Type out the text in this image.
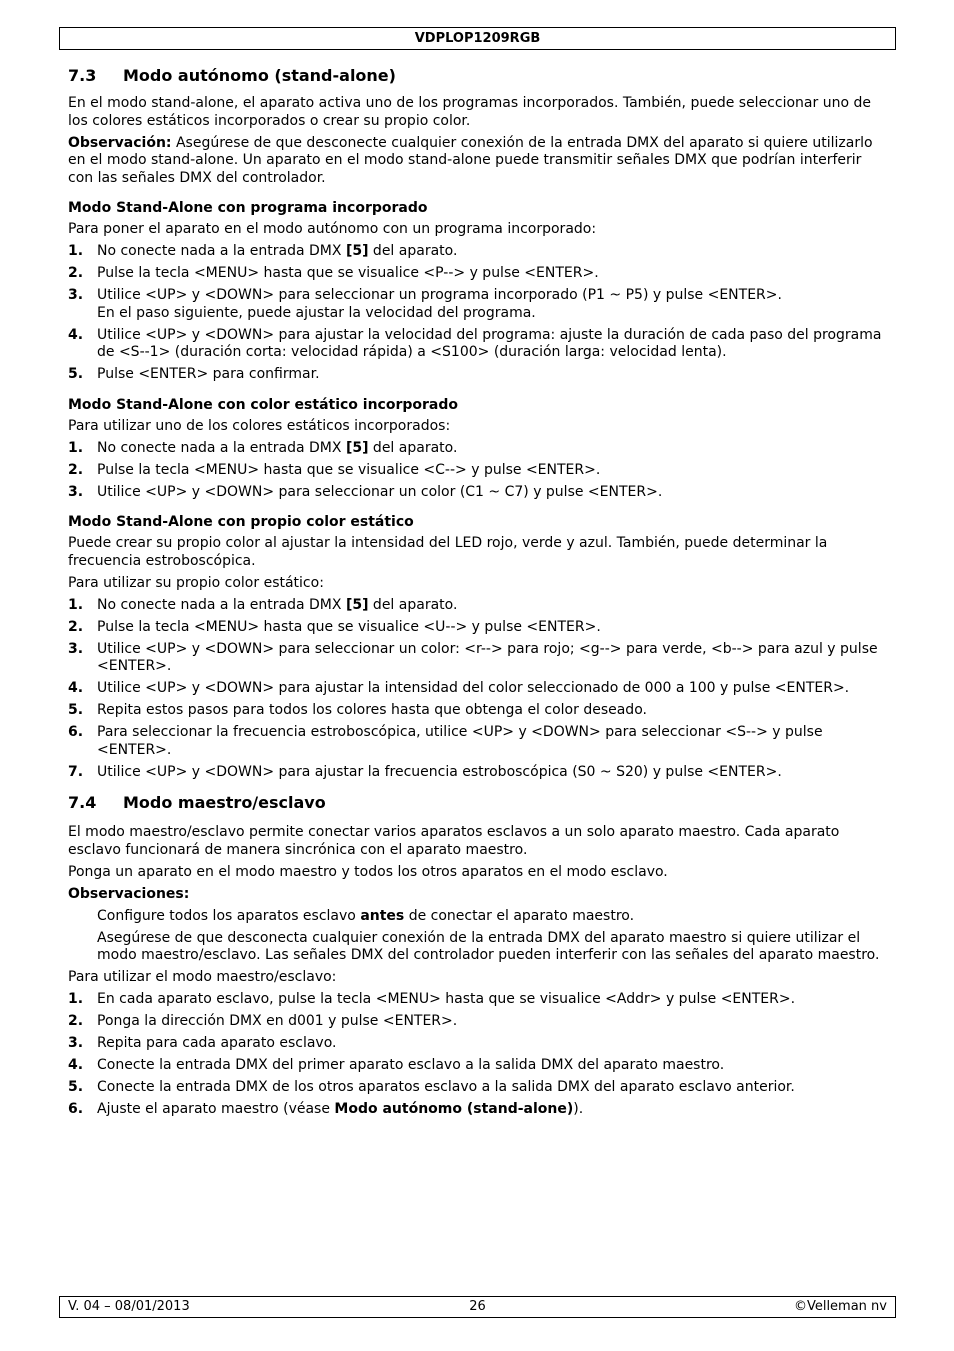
VDPLOP1209RGB
7.3 Modo autónomo (stand-alone)
En el modo stand-alone, el aparato activa uno de los programas incorporados. También, puede seleccionar uno de los colores estáticos incorporados o crear su propio color.
Observación: Asegúrese de que desconecte cualquier conexión de la entrada DMX del aparato si quiere utilizarlo en el modo stand-alone. Un aparato en el modo stand-alone puede transmitir señales DMX que podrían interferir con las señales DMX del controlador.
Modo Stand-Alone con programa incorporado
Para poner el aparato en el modo autónomo con un programa incorporado:
1. No conecte nada a la entrada DMX [5] del aparato.
2. Pulse la tecla <MENU> hasta que se visualice <P--> y pulse <ENTER>.
3. Utilice <UP> y <DOWN> para seleccionar un programa incorporado (P1 ~ P5) y pulse <ENTER>.
En el paso siguiente, puede ajustar la velocidad del programa.
4. Utilice <UP> y <DOWN> para ajustar la velocidad del programa: ajuste la duración de cada paso del programa de <S--1> (duración corta: velocidad rápida) a <S100> (duración larga: velocidad lenta).
5. Pulse <ENTER> para confirmar.
Modo Stand-Alone con color estático incorporado
Para utilizar uno de los colores estáticos incorporados:
1. No conecte nada a la entrada DMX [5] del aparato.
2. Pulse la tecla <MENU> hasta que se visualice <C--> y pulse <ENTER>.
3. Utilice <UP> y <DOWN> para seleccionar un color (C1 ~ C7) y pulse <ENTER>.
Modo Stand-Alone con propio color estático
Puede crear su propio color al ajustar la intensidad del LED rojo, verde y azul. También, puede determinar la frecuencia estroboscópica.
Para utilizar su propio color estático:
1. No conecte nada a la entrada DMX [5] del aparato.
2. Pulse la tecla <MENU> hasta que se visualice <U--> y pulse <ENTER>.
3. Utilice <UP> y <DOWN> para seleccionar un color: <r--> para rojo; <g--> para verde, <b--> para azul y pulse <ENTER>.
4. Utilice <UP> y <DOWN> para ajustar la intensidad del color seleccionado de 000 a 100 y pulse <ENTER>.
5. Repita estos pasos para todos los colores hasta que obtenga el color deseado.
6. Para seleccionar la frecuencia estroboscópica, utilice <UP> y <DOWN> para seleccionar <S--> y pulse <ENTER>.
7. Utilice <UP> y <DOWN> para ajustar la frecuencia estroboscópica (S0 ~ S20) y pulse <ENTER>.
7.4 Modo maestro/esclavo
El modo maestro/esclavo permite conectar varios aparatos esclavos a un solo aparato maestro. Cada aparato esclavo funcionará de manera sincrónica con el aparato maestro.
Ponga un aparato en el modo maestro y todos los otros aparatos en el modo esclavo.
Observaciones:
Configure todos los aparatos esclavo antes de conectar el aparato maestro.
Asegúrese de que desconecta cualquier conexión de la entrada DMX del aparato maestro si quiere utilizar el modo maestro/esclavo. Las señales DMX del controlador pueden interferir con las señales del aparato maestro.
Para utilizar el modo maestro/esclavo:
1. En cada aparato esclavo, pulse la tecla <MENU> hasta que se visualice <Addr> y pulse <ENTER>.
2. Ponga la dirección DMX en d001 y pulse <ENTER>.
3. Repita para cada aparato esclavo.
4. Conecte la entrada DMX del primer aparato esclavo a la salida DMX del aparato maestro.
5. Conecte la entrada DMX de los otros aparatos esclavo a la salida DMX del aparato esclavo anterior.
6. Ajuste el aparato maestro (véase Modo autónomo (stand-alone)).
V. 04 – 08/01/2013	26	©Velleman nv
